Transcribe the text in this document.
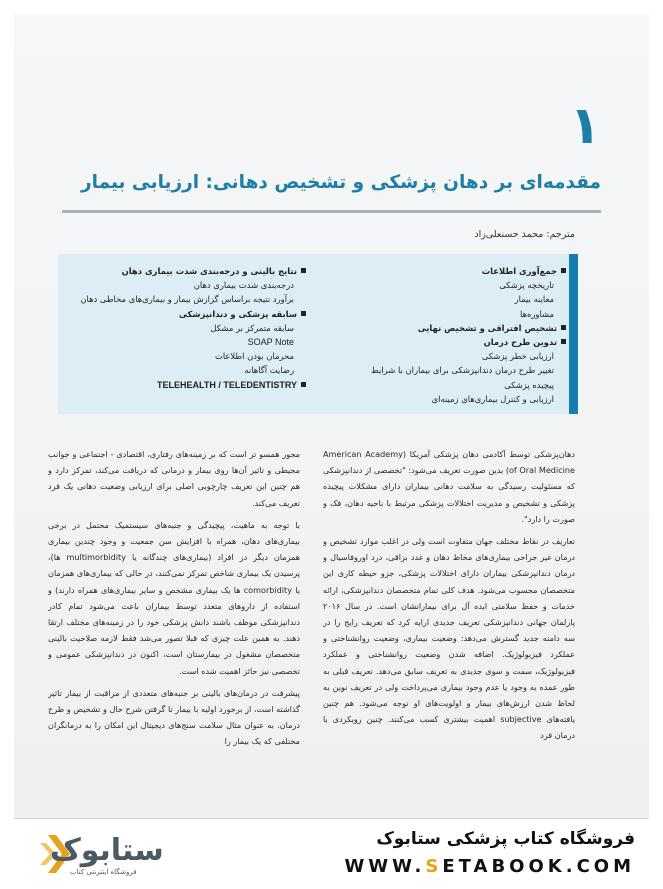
۱
مقدمه‌ای بر دهان پزشکی و تشخیص دهانی: ارزیابی بیمار
مترجم: محمد حسنعلی‌زاد
جمع‌آوری اطلاعات
تاریخچه پزشکی
معاینه بیمار
مشاوره‌ها
تشخیص افتراقی و تشخیص نهایی
تدوین طرح درمان
ارزیابی خطر پزشکی
تغییر طرح درمان دندانپزشکی برای بیماران با شرایط
پیچیده پزشکی
ارزیابی و کنترل بیماری‌های زمینه‌ای
نتایج بالینی و درجه‌بندی شدت بیماری دهان
درجه‌بندی شدت بیماری دهان
برآورد نتیجه براساس گزارش بیمار و بیماری‌های مخاطی دهان
سابقه پزشکی و دندانپزشکی
سابقه متمرکز بر مشکل
SOAP Note
محرمان بودن اطلاعات
رضایت آگاهانه
TELEHEALTH / TELEDENTISTRY

دهان‌پزشکی توسط آکادمی دهان پزشکی آمریکا (American Academy of Oral Medicine) بدین صورت تعریف می‌شود: "تخصصی از دندانپزشکی که مسئولیت رسیدگی به سلامت دهانی بیماران دارای مشکلات پیچیده پزشکی و تشخیص و مدیریت اختلالات پزشکی مرتبط با ناحیه دهان، فک و صورت را دارد".

تعاریف در نقاط مختلف جهان متفاوت است ولی در اغلب موارد تشخیص و درمان غیر جراحی بیماری‌های مخاط دهان و غدد بزاقی، درد اوروفاسیال و درمان دندانپزشکی بیماران دارای اختلالات پزشکی، جزو حیطه کاری این متخصصان محسوب می‌شود. هدف کلی تمام متخصصان دندانپزشکی، ارائه خدمات و حفظ سلامتی ایده آل برای بیمارانشان است. در سال ۲۰۱۶ پارلمان جهانی دندانپزشکی تعریف جدیدی ارایه کرد که تعریف رایج را در سه دامنه جدید گسترش می‌دهد: وضعیت بیماری، وضعیت روانشناختی و عملکرد فیزیولوژیک. اضافه شدن وضعیت روانشناختی و عملکرد فیزیولوژیک، سمت و سوی جدیدی به تعریف سابق می‌دهد. تعریف قبلی به طور عمده به وجود یا عدم وجود بیماری می‌پرداخت ولی در تعریف نوین به لحاظ شدن ارزش‌های بیمار و اولویت‌های او توجه می‌شود. هم چنین یافته‌های subjective اهمیت بیشتری کسب می‌کنند. چنین رویکردی با درمان فرد

محور همسو تر است که بر زمینه‌های رفتاری، اقتصادی - اجتماعی و جوانب محیطی و تاثیر آن‌ها روی بیمار و درمانی که دریافت می‌کند، تمرکز دارد و هم چنین این تعریف چارچوبی اصلی برای ارزیابی وضعیت دهانی یک فرد تعریف می‌کند.

با توجه به ماهیت، پیچیدگی و جنبه‌های سیستمیک محتمل در برخی بیماری‌های دهان، همراه با افزایش سن جمعیت و وجود چندین بیماری همزمان دیگر در افراد (بیماری‌های چندگانه یا multimorbidity ها)، پرسیدن یک بیماری شاخص تمرکز نمی‌کنند، در حالی که بیماری‌های همزمان یا comorbidity ها یک بیماری مشخص و سایر بیماری‌های همراه دارند) و استفاده از داروهای متعدد توسط بیماران باعث می‌شود تمام کادر دندانپزشکی موظف باشند دانش پزشکی خود را در زمینه‌های مختلف ارتقا دهند. به همین علت چیزی که قبلا تصور می‌شد فقط لازمه صلاحیت بالینی متخصصان مشغول در بیمارستان است، اکنون در دندانپزشکی عمومی و تخصصی نیز حائز اهمیت شده است.

پیشرفت در درمان‌های بالینی بر جنبه‌های متعددی از مراقبت از بیمار تاثیر گذاشته است، از برخورد اولیه با بیمار تا گرفتن شرح حال و تشخیص و طرح درمان. به عنوان مثال سلامت سنج‌های دیجیتال این امکان را به درمانگران مختلفی که یک بیمار را

ستابوک
فروشگاه اینترنتی کتاب
فروشگاه کتاب پزشکی ستابوک
WWW.SETABOOK.COM
